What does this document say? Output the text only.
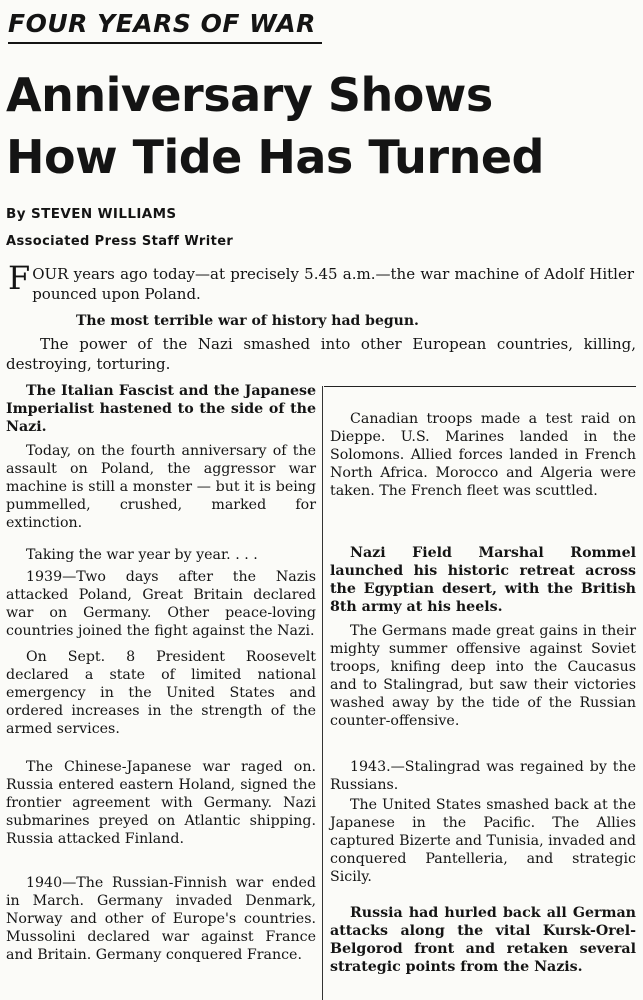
FOUR YEARS OF WAR
Anniversary Shows
How Tide Has Turned
By STEVEN WILLIAMS
Associated Press Staff Writer

FOUR years ago today—at precisely 5.45 a.m.—the war machine of Adolf Hitler pounced upon Poland.

The most terrible war of history had begun.

The power of the Nazi smashed into other European countries, killing, destroying, torturing.

The Italian Fascist and the Japanese Imperialist hastened to the side of the Nazi.

Today, on the fourth anniversary of the assault on Poland, the aggressor war machine is still a monster — but it is being pummelled, crushed, marked for extinction.

Taking the war year by year. . . .

1939—Two days after the Nazis attacked Poland, Great Britain declared war on Germany. Other peace-loving countries joined the fight against the Nazi.

On Sept. 8 President Roosevelt declared a state of limited national emergency in the United States and ordered increases in the strength of the armed services.

The Chinese-Japanese war raged on. Russia entered eastern Holand, signed the frontier agreement with Germany. Nazi submarines preyed on Atlantic shipping. Russia attacked Finland.

1940—The Russian-Finnish war ended in March. Germany invaded Denmark, Norway and other of Europe's countries. Mussolini declared war against France and Britain. Germany conquered France.

Canadian troops made a test raid on Dieppe. U.S. Marines landed in the Solomons. Allied forces landed in French North Africa. Morocco and Algeria were taken. The French fleet was scuttled.

Nazi Field Marshal Rommel launched his historic retreat across the Egyptian desert, with the British 8th army at his heels.

The Germans made great gains in their mighty summer offensive against Soviet troops, knifing deep into the Caucasus and to Stalingrad, but saw their victories washed away by the tide of the Russian counter-offensive.

1943.—Stalingrad was regained by the Russians.

The United States smashed back at the Japanese in the Pacific. The Allies captured Bizerte and Tunisia, invaded and conquered Pantelleria, and strategic Sicily.

Russia had hurled back all German attacks along the vital Kursk-Orel-Belgorod front and retaken several strategic points from the Nazis.
